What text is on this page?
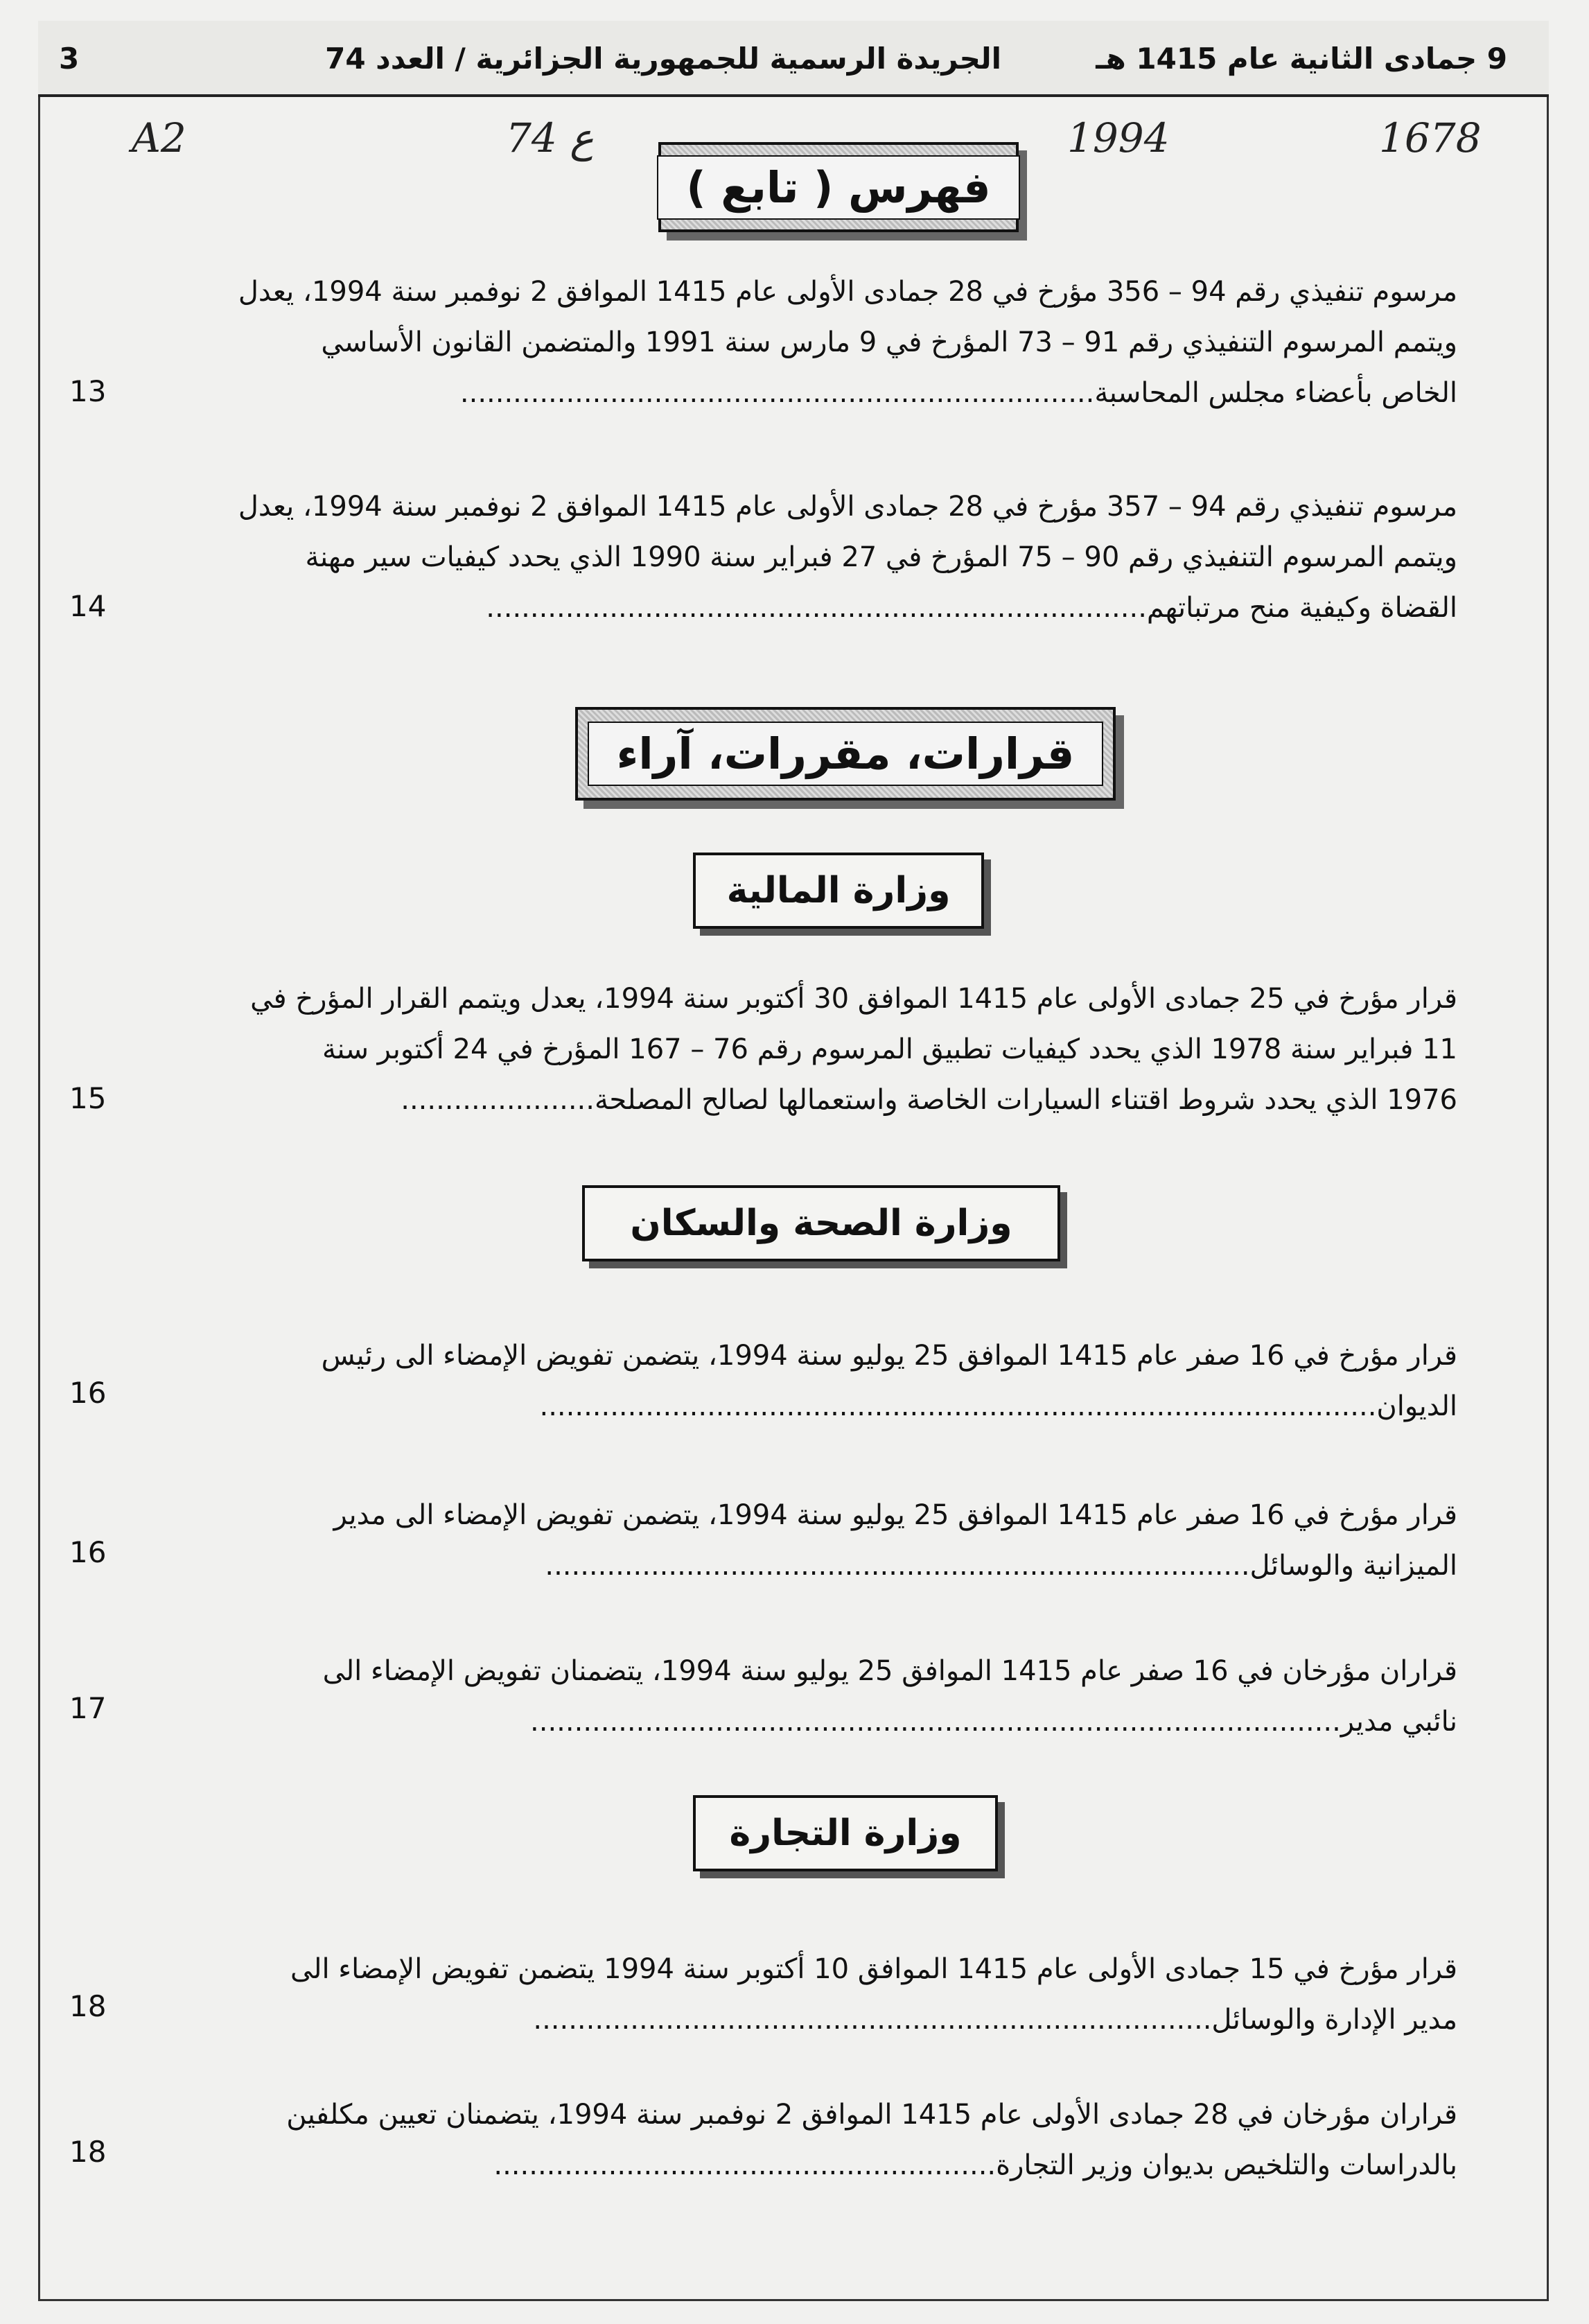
9 جمادى الثانية عام 1415 هـ
الجريدة الرسمية للجمهورية الجزائرية / العدد 74
3
A2	74 ع	1994	1678
فهرس ( تابع )
مرسوم تنفيذي رقم 94 – 356 مؤرخ في 28 جمادى الأولى عام 1415 الموافق 2 نوفمبر سنة 1994، يعدل
ويتمم المرسوم التنفيذي رقم 91 – 73 المؤرخ في 9 مارس سنة 1991 والمتضمن القانون الأساسي
الخاص بأعضاء مجلس المحاسبة........................................................................
13
مرسوم تنفيذي رقم 94 – 357 مؤرخ في 28 جمادى الأولى عام 1415 الموافق 2 نوفمبر سنة 1994، يعدل
ويتمم المرسوم التنفيذي رقم 90 – 75 المؤرخ في 27 فبراير سنة 1990 الذي يحدد كيفيات سير مهنة
القضاة وكيفية منح مرتباتهم...........................................................................
14
قرارات، مقررات، آراء
وزارة المالية
قرار مؤرخ في 25 جمادى الأولى عام 1415 الموافق 30 أكتوبر سنة 1994، يعدل ويتمم القرار المؤرخ في
11 فبراير سنة 1978 الذي يحدد كيفيات تطبيق المرسوم رقم 76 – 167 المؤرخ في 24 أكتوبر سنة
1976 الذي يحدد شروط اقتناء السيارات الخاصة واستعمالها لصالح المصلحة......................
15
وزارة الصحة والسكان
قرار مؤرخ في 16 صفر عام 1415 الموافق 25 يوليو سنة 1994، يتضمن تفويض الإمضاء الى رئيس
الديوان...............................................................................................
16
قرار مؤرخ في 16 صفر عام 1415 الموافق 25 يوليو سنة 1994، يتضمن تفويض الإمضاء الى مدير
الميزانية والوسائل................................................................................
16
قراران مؤرخان في 16 صفر عام 1415 الموافق 25 يوليو سنة 1994، يتضمنان تفويض الإمضاء الى
نائبي مدير............................................................................................
17
وزارة التجارة
قرار مؤرخ في 15 جمادى الأولى عام 1415 الموافق 10 أكتوبر سنة 1994 يتضمن تفويض الإمضاء الى
مدير الإدارة والوسائل.............................................................................
18
قراران مؤرخان في 28 جمادى الأولى عام 1415 الموافق 2 نوفمبر سنة 1994، يتضمنان تعيين مكلفين
بالدراسات والتلخيص بديوان وزير التجارة.........................................................
18
